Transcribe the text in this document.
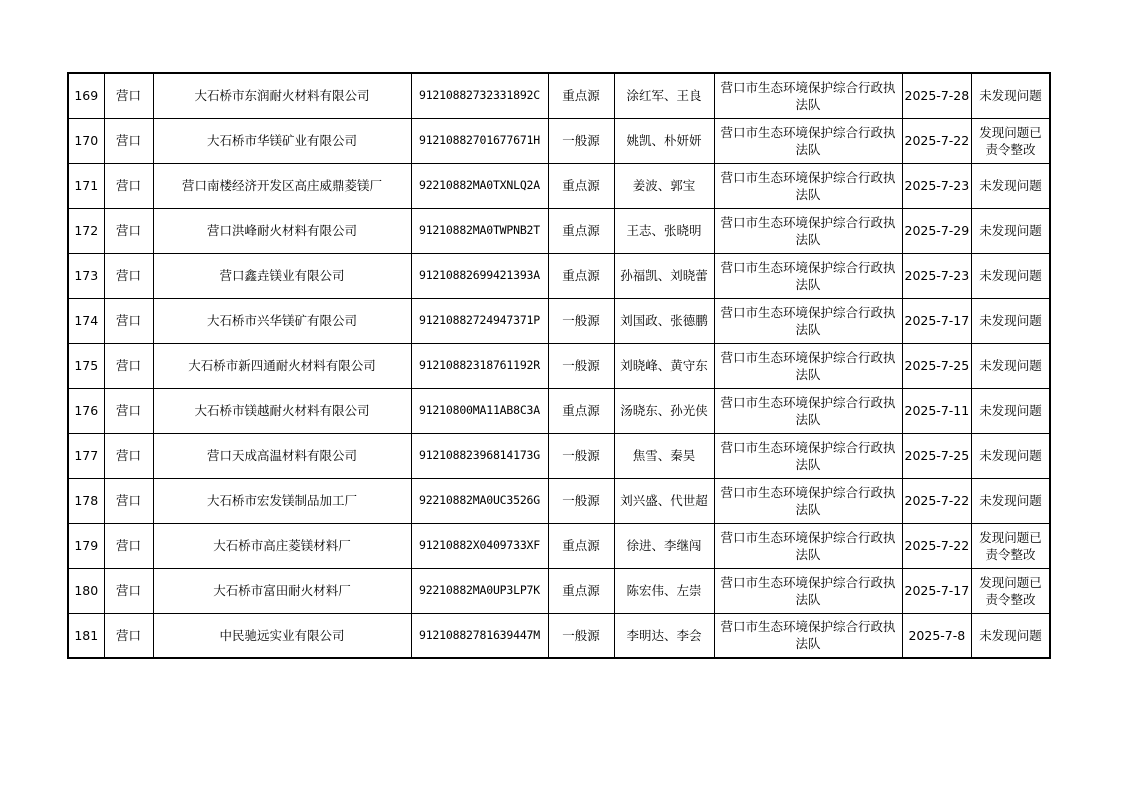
169	营口	大石桥市东润耐火材料有限公司	91210882732331892C	重点源	涂红军、王良	营口市生态环境保护综合行政执法队	2025-7-28	未发现问题
170	营口	大石桥市华镁矿业有限公司	91210882701677671H	一般源	姚凯、朴妍妍	营口市生态环境保护综合行政执法队	2025-7-22	发现问题已责令整改
171	营口	营口南楼经济开发区高庄威鼎菱镁厂	92210882MA0TXNLQ2A	重点源	姜波、郭宝	营口市生态环境保护综合行政执法队	2025-7-23	未发现问题
172	营口	营口洪峰耐火材料有限公司	91210882MA0TWPNB2T	重点源	王志、张晓明	营口市生态环境保护综合行政执法队	2025-7-29	未发现问题
173	营口	营口鑫垚镁业有限公司	91210882699421393A	重点源	孙福凯、刘晓蕾	营口市生态环境保护综合行政执法队	2025-7-23	未发现问题
174	营口	大石桥市兴华镁矿有限公司	91210882724947371P	一般源	刘国政、张德鹏	营口市生态环境保护综合行政执法队	2025-7-17	未发现问题
175	营口	大石桥市新四通耐火材料有限公司	91210882318761192R	一般源	刘晓峰、黄守东	营口市生态环境保护综合行政执法队	2025-7-25	未发现问题
176	营口	大石桥市镁越耐火材料有限公司	91210800MA11AB8C3A	重点源	汤晓东、孙光侠	营口市生态环境保护综合行政执法队	2025-7-11	未发现问题
177	营口	营口天成高温材料有限公司	91210882396814173G	一般源	焦雪、秦昊	营口市生态环境保护综合行政执法队	2025-7-25	未发现问题
178	营口	大石桥市宏发镁制品加工厂	92210882MA0UC3526G	一般源	刘兴盛、代世超	营口市生态环境保护综合行政执法队	2025-7-22	未发现问题
179	营口	大石桥市高庄菱镁材料厂	91210882X0409733XF	重点源	徐进、李继闯	营口市生态环境保护综合行政执法队	2025-7-22	发现问题已责令整改
180	营口	大石桥市富田耐火材料厂	92210882MA0UP3LP7K	重点源	陈宏伟、左崇	营口市生态环境保护综合行政执法队	2025-7-17	发现问题已责令整改
181	营口	中民驰远实业有限公司	91210882781639447M	一般源	李明达、李会	营口市生态环境保护综合行政执法队	2025-7-8	未发现问题
